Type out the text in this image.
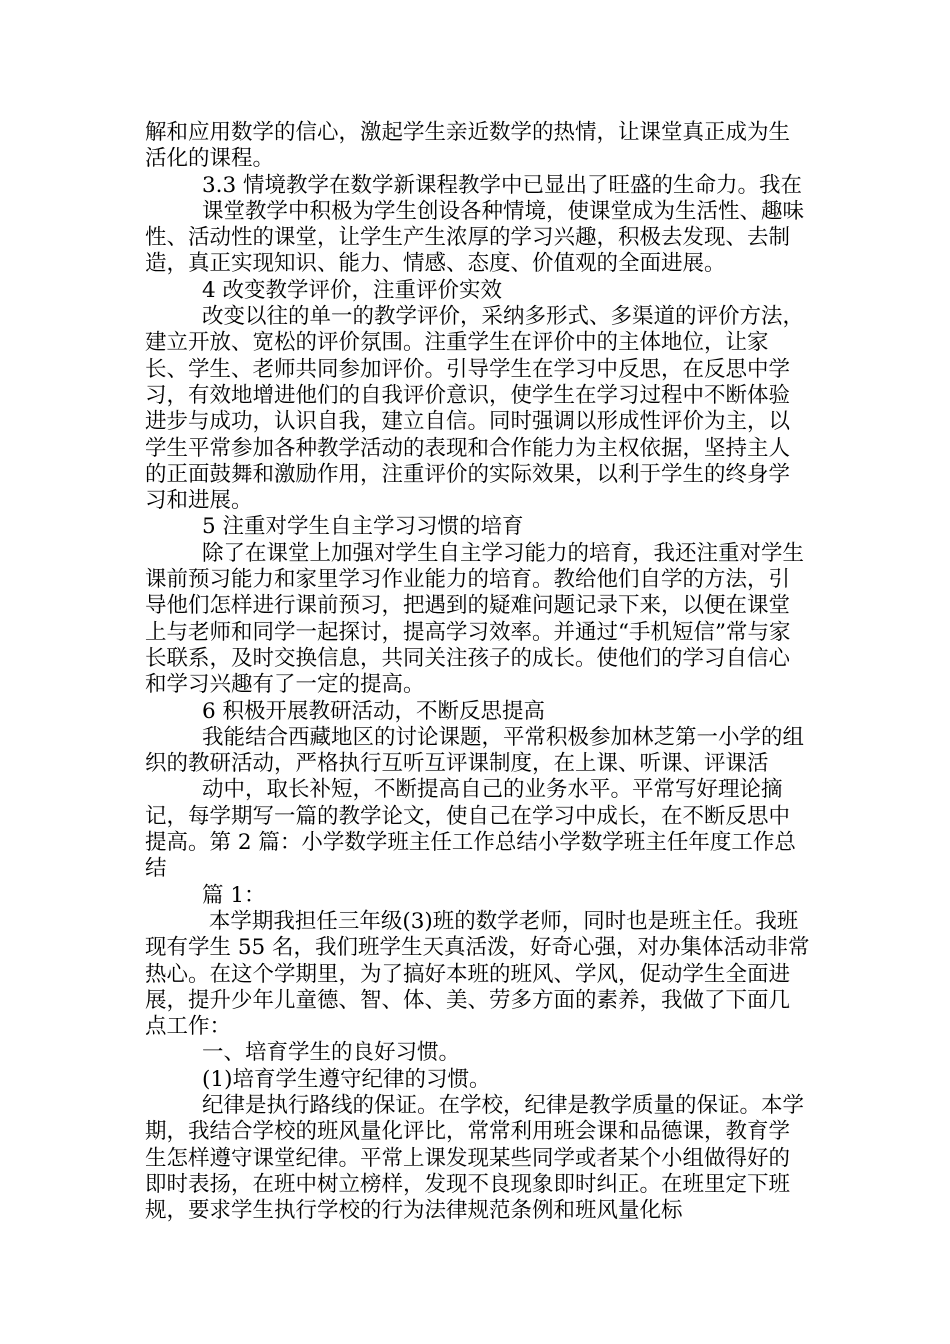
解和应用数学的信心，激起学生亲近数学的热情，让课堂真正成为生活化的课程。

3.3 情境教学在数学新课程教学中已显出了旺盛的生命力。我在

课堂教学中积极为学生创设各种情境，使课堂成为生活性、趣味性、活动性的课堂，让学生产生浓厚的学习兴趣，积极去发现、去制造，真正实现知识、能力、情感、态度、价值观的全面进展。

4 改变教学评价，注重评价实效

改变以往的单一的教学评价，采纳多形式、多渠道的评价方法，建立开放、宽松的评价氛围。注重学生在评价中的主体地位，让家长、学生、老师共同参加评价。引导学生在学习中反思，在反思中学习，有效地增进他们的自我评价意识，使学生在学习过程中不断体验进步与成功，认识自我，建立自信。同时强调以形成性评价为主，以学生平常参加各种教学活动的表现和合作能力为主权依据，坚持主人的正面鼓舞和激励作用，注重评价的实际效果，以利于学生的终身学习和进展。

5 注重对学生自主学习习惯的培育

除了在课堂上加强对学生自主学习能力的培育，我还注重对学生课前预习能力和家里学习作业能力的培育。教给他们自学的方法，引导他们怎样进行课前预习，把遇到的疑难问题记录下来，以便在课堂上与老师和同学一起探讨，提高学习效率。并通过“手机短信”常与家长联系，及时交换信息，共同关注孩子的成长。使他们的学习自信心和学习兴趣有了一定的提高。

6 积极开展教研活动，不断反思提高

我能结合西藏地区的讨论课题，平常积极参加林芝第一小学的组织的教研活动，严格执行互听互评课制度，在上课、听课、评课活

动中，取长补短，不断提高自己的业务水平。平常写好理论摘记，每学期写一篇的教学论文，使自己在学习中成长，在不断反思中提高。第 2 篇：小学数学班主任工作总结小学数学班主任年度工作总结

篇 1：

本学期我担任三年级(3)班的数学老师，同时也是班主任。我班现有学生 55 名，我们班学生天真活泼，好奇心强，对办集体活动非常热心。在这个学期里，为了搞好本班的班风、学风，促动学生全面进展，提升少年儿童德、智、体、美、劳多方面的素养，我做了下面几点工作：

一、培育学生的良好习惯。

(1)培育学生遵守纪律的习惯。

纪律是执行路线的保证。在学校，纪律是教学质量的保证。本学期，我结合学校的班风量化评比，常常利用班会课和品德课，教育学生怎样遵守课堂纪律。平常上课发现某些同学或者某个小组做得好的即时表扬，在班中树立榜样，发现不良现象即时纠正。在班里定下班规，要求学生执行学校的行为法律规范条例和班风量化标
